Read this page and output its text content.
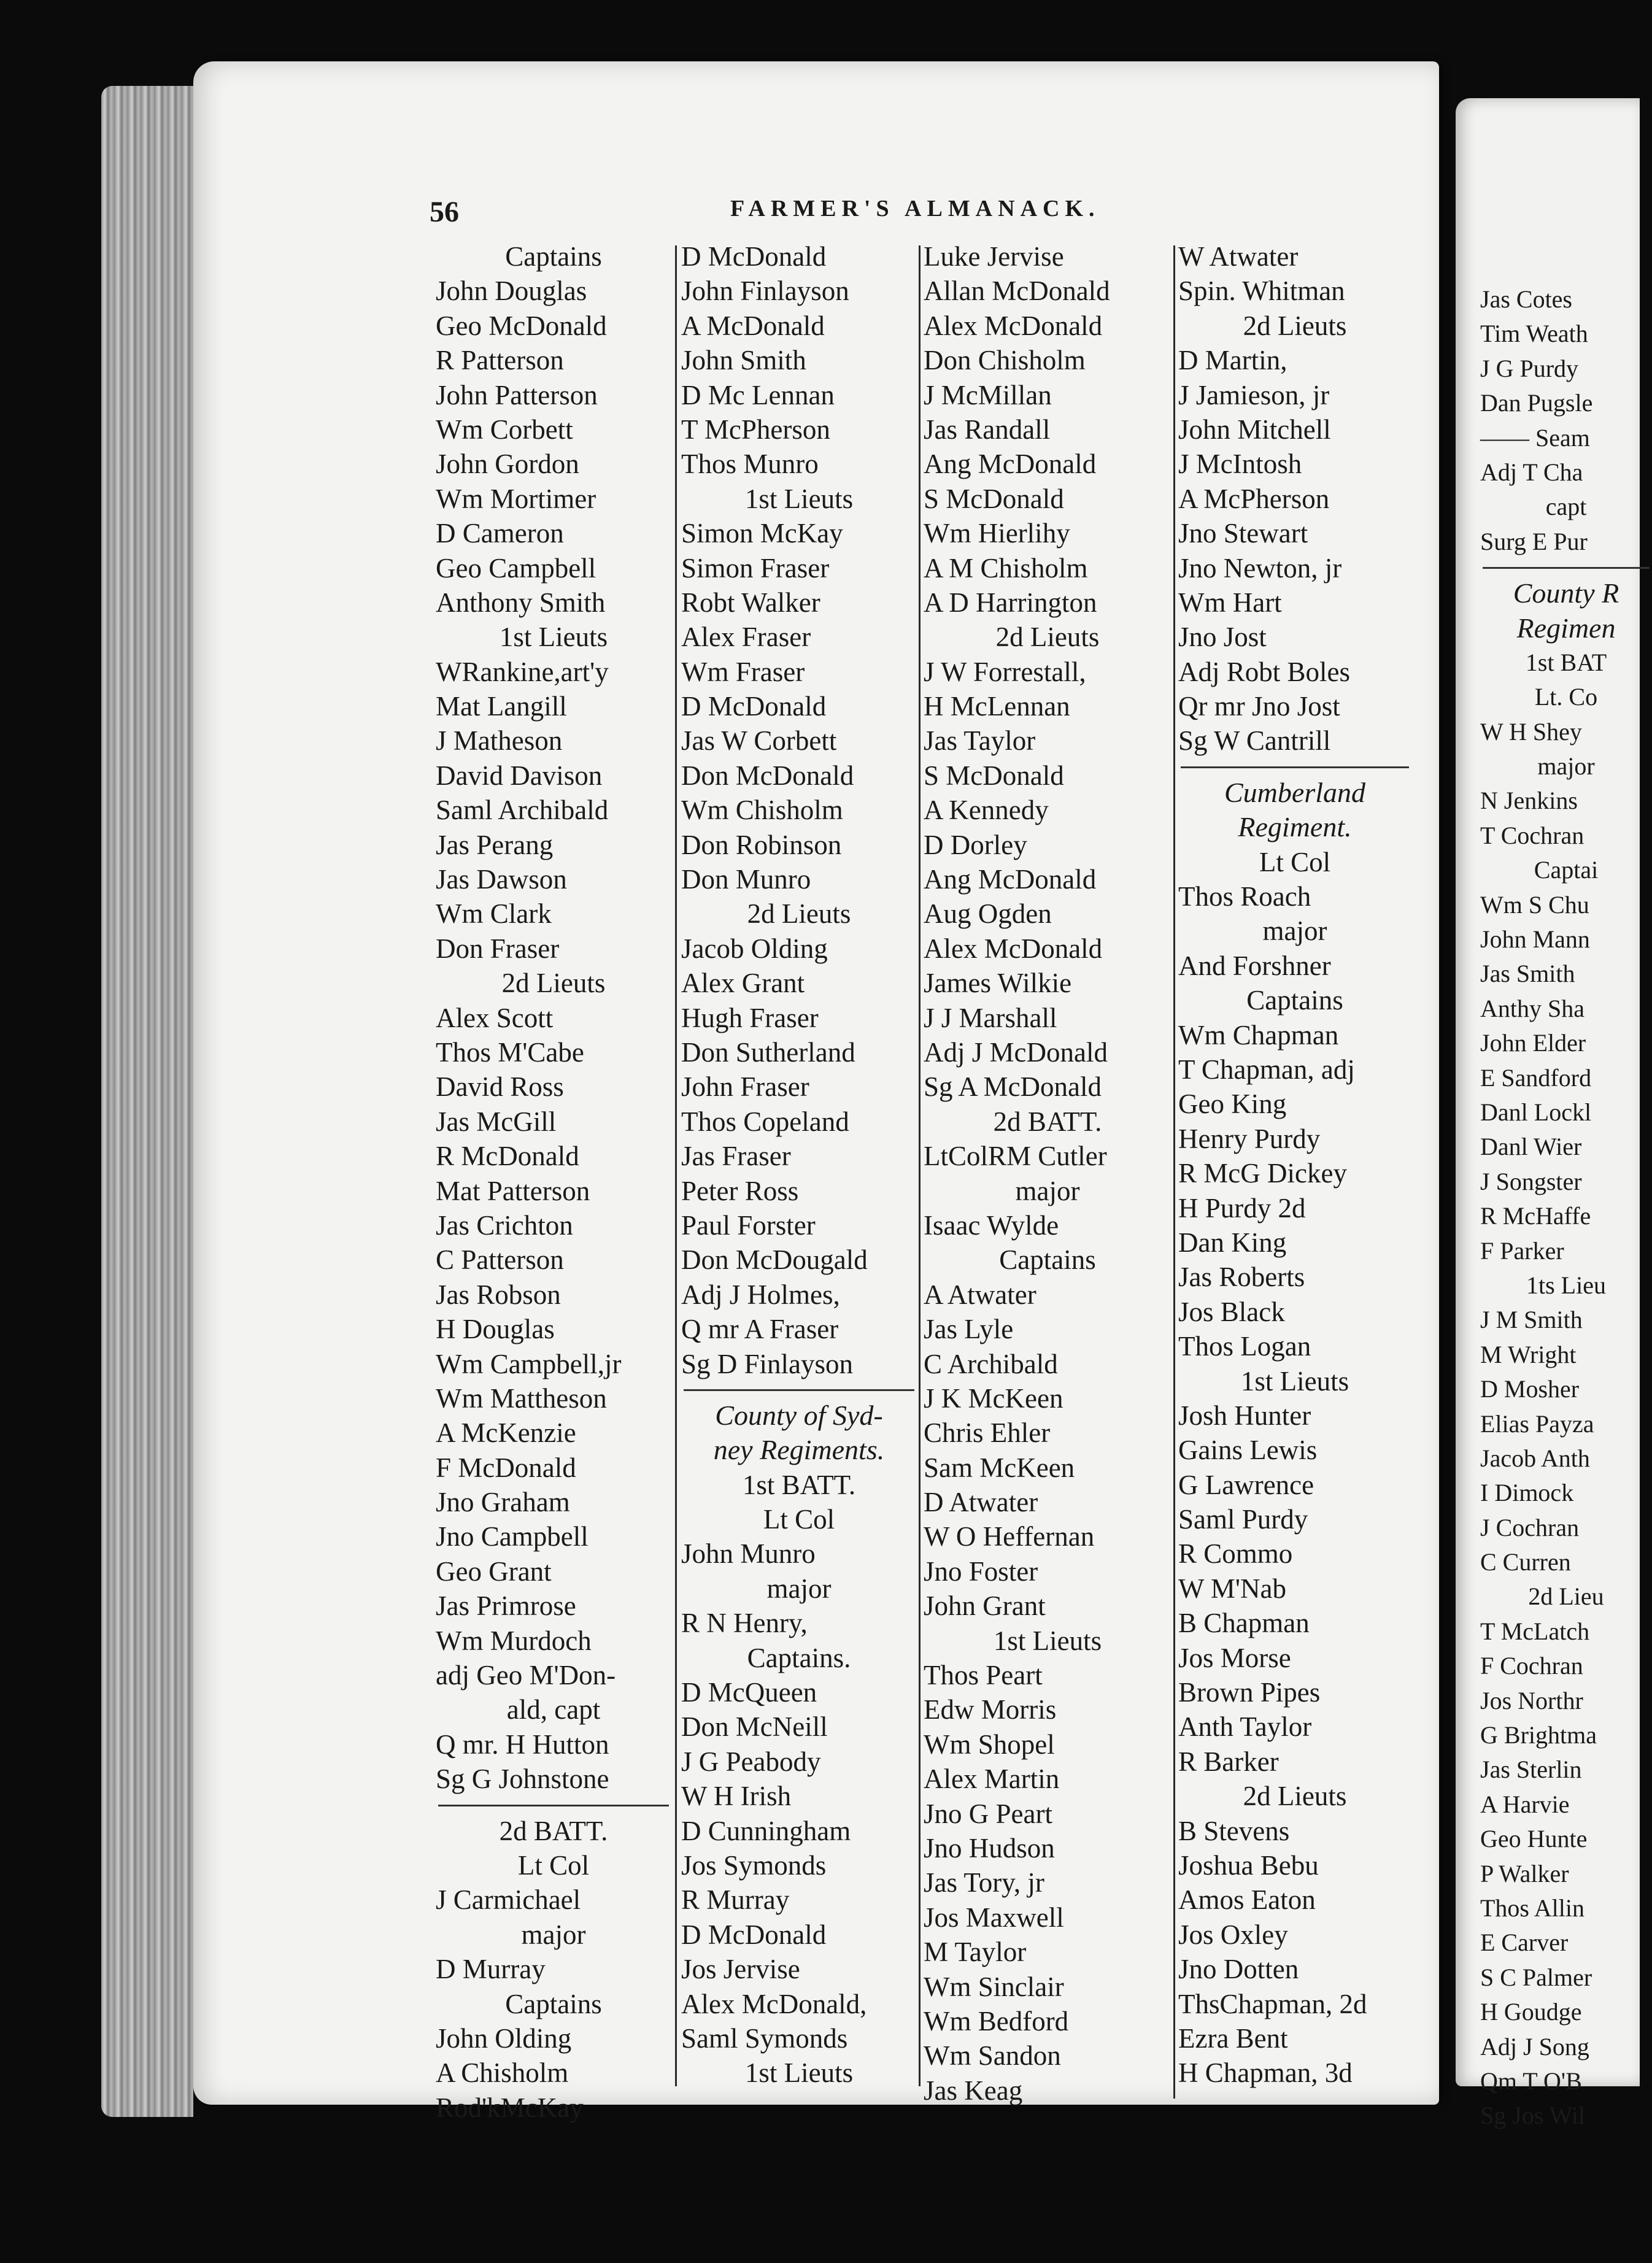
56	FARMER'S ALMANACK.
Captains
John Douglas
Geo McDonald
R Patterson
John Patterson
Wm Corbett
John Gordon
Wm Mortimer
D Cameron
Geo Campbell
Anthony Smith
1st Lieuts
WRankine,art'y
Mat Langill
J Matheson
David Davison
Saml Archibald
Jas Perang
Jas Dawson
Wm Clark
Don Fraser
2d Lieuts
Alex Scott
Thos M'Cabe
David Ross
Jas McGill
R McDonald
Mat Patterson
Jas Crichton
C Patterson
Jas Robson
H Douglas
Wm Campbell,jr
Wm Mattheson
A McKenzie
F McDonald
Jno Graham
Jno Campbell
Geo Grant
Jas Primrose
Wm Murdoch
adj Geo M'Don-
ald, capt
Q mr. H Hutton
Sg G Johnstone
2d BATT.
Lt Col
J Carmichael
major
D Murray
Captains
John Olding
A Chisholm
Rod'kMcKay
D McDonald
John Finlayson
A McDonald
John Smith
D Mc Lennan
T McPherson
Thos Munro
1st Lieuts
Simon McKay
Simon Fraser
Robt Walker
Alex Fraser
Wm Fraser
D McDonald
Jas W Corbett
Don McDonald
Wm Chisholm
Don Robinson
Don Munro
2d Lieuts
Jacob Olding
Alex Grant
Hugh Fraser
Don Sutherland
John Fraser
Thos Copeland
Jas Fraser
Peter Ross
Paul Forster
Don McDougald
Adj J Holmes,
Q mr A Fraser
Sg D Finlayson
County of Syd-
ney Regiments.
1st BATT.
Lt Col
John Munro
major
R N Henry,
Captains.
D McQueen
Don McNeill
J G Peabody
W H Irish
D Cunningham
Jos Symonds
R Murray
D McDonald
Jos Jervise
Alex McDonald,
Saml Symonds
1st Lieuts
Luke Jervise
Allan McDonald
Alex McDonald
Don Chisholm
J McMillan
Jas Randall
Ang McDonald
S McDonald
Wm Hierlihy
A M Chisholm
A D Harrington
2d Lieuts
J W Forrestall,
H McLennan
Jas Taylor
S McDonald
A Kennedy
D Dorley
Ang McDonald
Aug Ogden
Alex McDonald
James Wilkie
J J Marshall
Adj J McDonald
Sg A McDonald
2d BATT.
LtColRM Cutler
major
Isaac Wylde
Captains
A Atwater
Jas Lyle
C Archibald
J K McKeen
Chris Ehler
Sam McKeen
D Atwater
W O Heffernan
Jno Foster
John Grant
1st Lieuts
Thos Peart
Edw Morris
Wm Shopel
Alex Martin
Jno G Peart
Jno Hudson
Jas Tory, jr
Jos Maxwell
M Taylor
Wm Sinclair
Wm Bedford
Wm Sandon
Jas Keag
W Atwater
Spin. Whitman
2d Lieuts
D Martin,
J Jamieson, jr
John Mitchell
J McIntosh
A McPherson
Jno Stewart
Jno Newton, jr
Wm Hart
Jno Jost
Adj Robt Boles
Qr mr Jno Jost
Sg W Cantrill
Cumberland
Regiment.
Lt Col
Thos Roach
major
And Forshner
Captains
Wm Chapman
T Chapman, adj
Geo King
Henry Purdy
R McG Dickey
H Purdy 2d
Dan King
Jas Roberts
Jos Black
Thos Logan
1st Lieuts
Josh Hunter
Gains Lewis
G Lawrence
Saml Purdy
R Commo
W M'Nab
B Chapman
Jos Morse
Brown Pipes
Anth Taylor
R Barker
2d Lieuts
B Stevens
Joshua Bebu
Amos Eaton
Jos Oxley
Jno Dotten
ThsChapman, 2d
Ezra Bent
H Chapman, 3d
Jas Cotes
Tim Weath
J G Purdy
Dan Pugsle
—— Seam
Adj T Cha
capt
Surg E Pur
County R
Regimen
1st BAT
Lt. Co
W H Shey
major
N Jenkins
T Cochran
Captai
Wm S Chu
John Mann
Jas Smith
Anthy Sha
John Elder
E Sandford
Danl Lockl
Danl Wier
J Songster
R McHaffe
F Parker
1ts Lieu
J M Smith
M Wright
D Mosher
Elias Payza
Jacob Anth
I Dimock
J Cochran
C Curren
2d Lieu
T McLatch
F Cochran
Jos Northr
G Brightma
Jas Sterlin
A Harvie
Geo Hunte
P Walker
Thos Allin
E Carver
S C Palmer
H Goudge
Adj J Song
Qm T O'B
Sg Jos Wil
